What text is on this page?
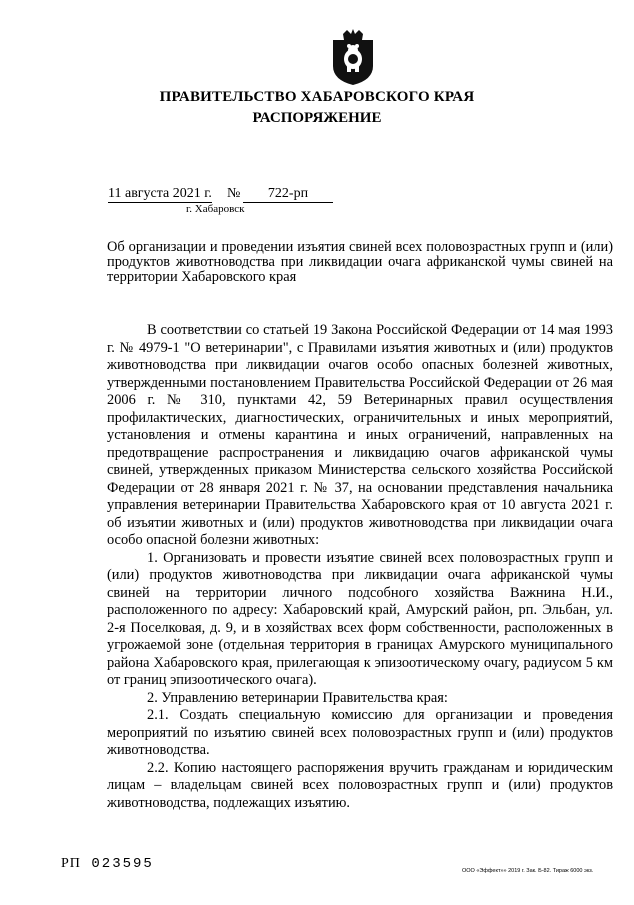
ПРАВИТЕЛЬСТВО ХАБАРОВСКОГО КРАЯ
РАСПОРЯЖЕНИЕ
11 августа 2021 г. №	722-рп
г. Хабаровск
Об организации и проведении изъятия свиней всех половозрастных групп и (или) продуктов животноводства при ликвидации очага африканской чумы свиней на территории Хабаровского края

В соответствии со статьей 19 Закона Российской Федерации от 14 мая 1993 г. № 4979-1 "О ветеринарии", с Правилами изъятия животных и (или) продуктов животноводства при ликвидации очагов особо опасных болезней животных, утвержденными постановлением Правительства Российской Федерации от 26 мая 2006 г. № 310, пунктами 42, 59 Ветеринарных правил осуществления профилактических, диагностических, ограничительных и иных мероприятий, установления и отмены карантина и иных ограничений, направленных на предотвращение распространения и ликвидацию очагов африканской чумы свиней, утвержденных приказом Министерства сельского хозяйства Российской Федерации от 28 января 2021 г. № 37, на основании представления начальника управления ветеринарии Правительства Хабаровского края от 10 августа 2021 г. об изъятии животных и (или) продуктов животноводства при ликвидации очага особо опасной болезни животных:

1. Организовать и провести изъятие свиней всех половозрастных групп и (или) продуктов животноводства при ликвидации очага африканской чумы свиней на территории личного подсобного хозяйства Важнина Н.И., расположенного по адресу: Хабаровский край, Амурский район, рп. Эльбан, ул. 2-я Поселковая, д. 9, и в хозяйствах всех форм собственности, расположенных в угрожаемой зоне (отдельная территория в границах Амурского муниципального района Хабаровского края, прилегающая к эпизоотическому очагу, радиусом 5 км от границ эпизоотического очага).

2. Управлению ветеринарии Правительства края:

2.1. Создать специальную комиссию для организации и проведения мероприятий по изъятию свиней всех половозрастных групп и (или) продуктов животноводства.

2.2. Копию настоящего распоряжения вручить гражданам и юридическим лицам – владельцам свиней всех половозрастных групп и (или) продуктов животноводства, подлежащих изъятию.

РП 023595	ООО «Эффект»» 2019 г. Зак. Б-82. Тираж 6000 экз.
